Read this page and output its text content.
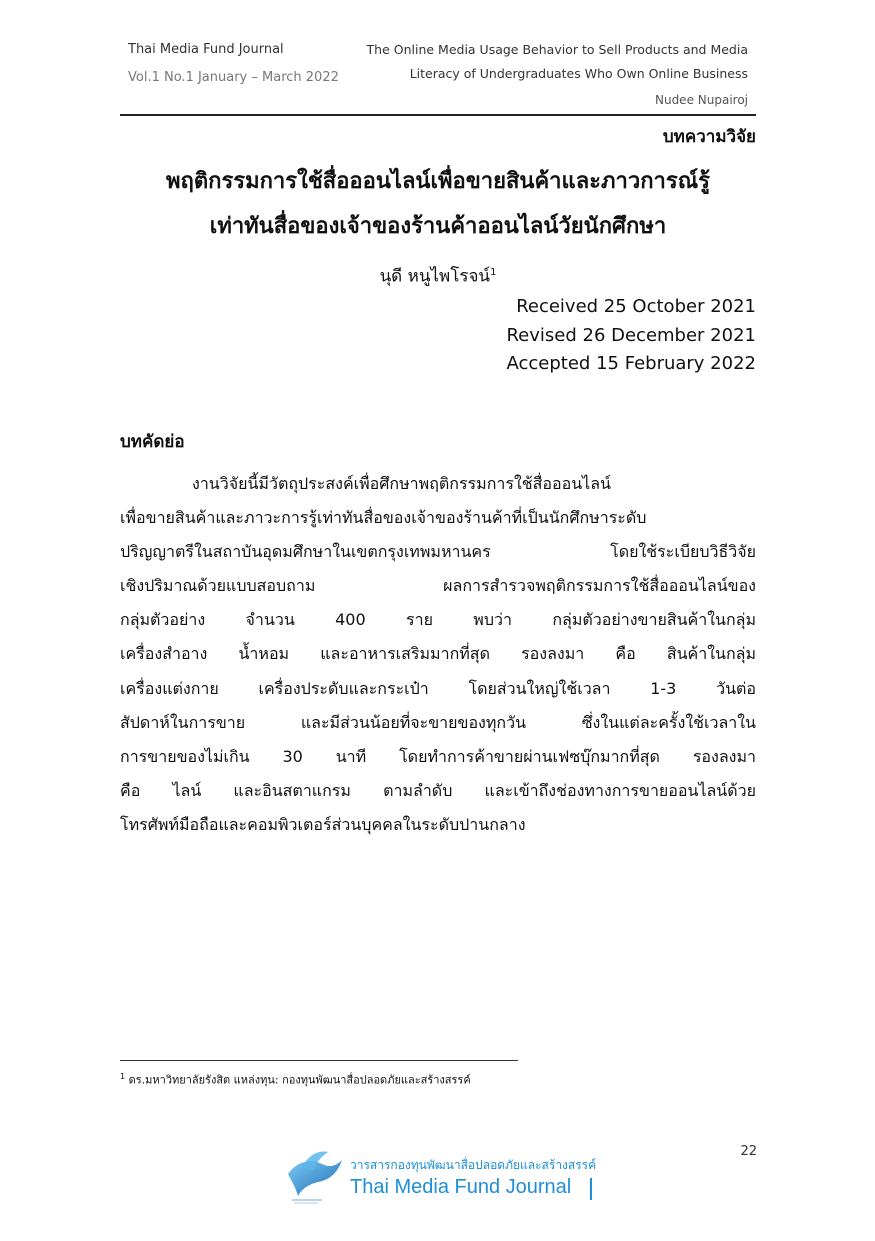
Thai Media Fund Journal
Vol.1 No.1 January – March 2022
The Online Media Usage Behavior to Sell Products and Media
Literacy of Undergraduates Who Own Online Business
Nudee Nupairoj
บทความวิจัย
พฤติกรรมการใช้สื่อออนไลน์เพื่อขายสินค้าและภาวการณ์รู้
เท่าทันสื่อของเจ้าของร้านค้าออนไลน์วัยนักศึกษา
นุดี หนูไพโรจน์$^1$
Received 25 October 2021
Revised 26 December 2021
Accepted 15 February 2022
บทคัดย่อ
งานวิจัยนี้มีวัตถุประสงค์เพื่อศึกษาพฤติกรรมการใช้สื่อออนไลน์
เพื่อขายสินค้าและภาวะการรู้เท่าทันสื่อของเจ้าของร้านค้าที่เป็นนักศึกษาระดับ
ปริญญาตรีในสถาบันอุดมศึกษาในเขตกรุงเทพมหานคร โดยใช้ระเบียบวิธีวิจัย
เชิงปริมาณด้วยแบบสอบถาม ผลการสำรวจพฤติกรรมการใช้สื่อออนไลน์ของ
กลุ่มตัวอย่าง จำนวน 400 ราย พบว่า กลุ่มตัวอย่างขายสินค้าในกลุ่ม
เครื่องสำอาง น้ำหอม และอาหารเสริมมากที่สุด รองลงมา คือ สินค้าในกลุ่ม
เครื่องแต่งกาย เครื่องประดับและกระเป๋า โดยส่วนใหญ่ใช้เวลา 1-3 วันต่อ
สัปดาห์ในการขาย และมีส่วนน้อยที่จะขายของทุกวัน ซึ่งในแต่ละครั้งใช้เวลาใน
การขายของไม่เกิน 30 นาที โดยทำการค้าขายผ่านเฟซบุ๊กมากที่สุด รองลงมา
คือ ไลน์ และอินสตาแกรม ตามลำดับ และเข้าถึงช่องทางการขายออนไลน์ด้วย
โทรศัพท์มือถือและคอมพิวเตอร์ส่วนบุคคลในระดับปานกลาง
$^1$ ดร.มหาวิทยาลัยรังสิต แหล่งทุน: กองทุนพัฒนาสื่อปลอดภัยและสร้างสรรค์
22
วารสารกองทุนพัฒนาสื่อปลอดภัยและสร้างสรรค์
Thai Media Fund Journal
